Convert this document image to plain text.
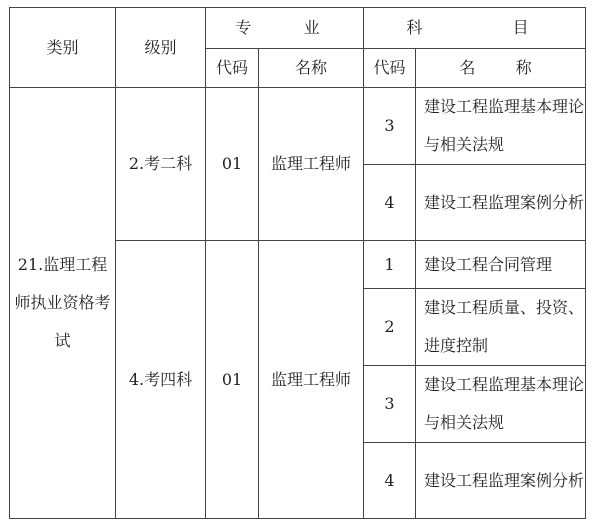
类别	级别	专  业		科    目	
		代码	名称	代码	名  称
21.监理工程师执业资格考试	2.考二科	01	监理工程师	3	建设工程监理基本理论与相关法规
				4	建设工程监理案例分析
	4.考四科	01	监理工程师	1	建设工程合同管理
				2	建设工程质量、投资、进度控制
				3	建设工程监理基本理论与相关法规
				4	建设工程监理案例分析
